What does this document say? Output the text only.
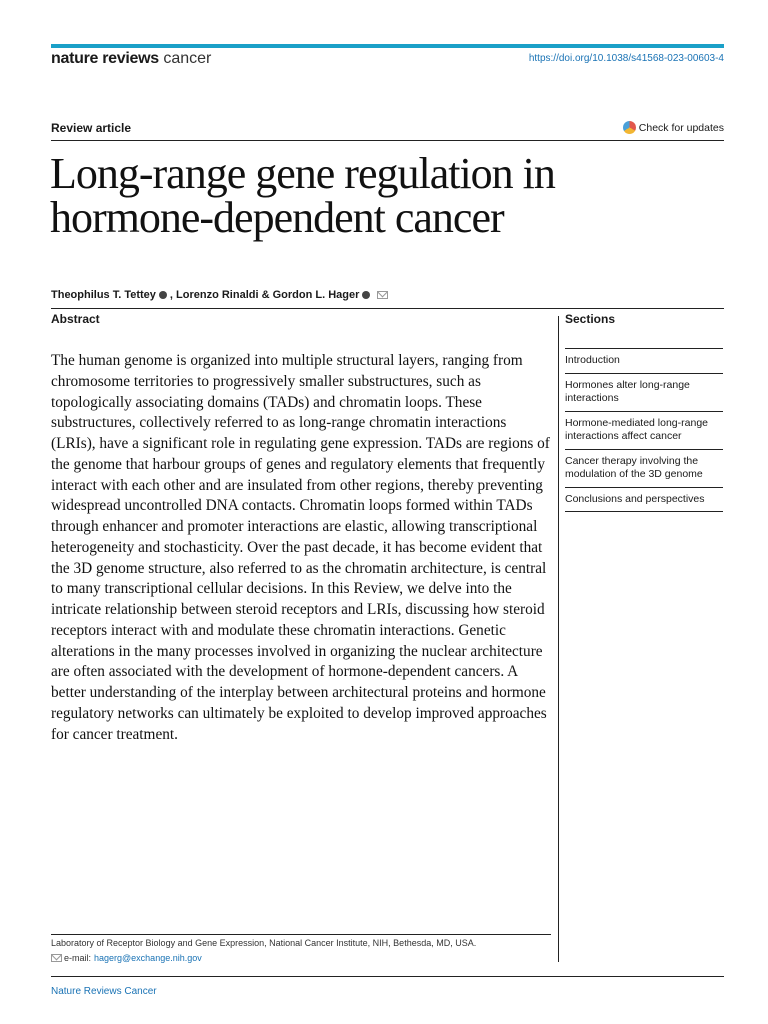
nature reviews cancer	https://doi.org/10.1038/s41568-023-00603-4
Review article	Check for updates
Long-range gene regulation in hormone-dependent cancer
Theophilus T. Tettey , Lorenzo Rinaldi & Gordon L. Hager
Abstract

The human genome is organized into multiple structural layers, ranging from chromosome territories to progressively smaller substructures, such as topologically associating domains (TADs) and chromatin loops. These substructures, collectively referred to as long-range chromatin interactions (LRIs), have a significant role in regulating gene expression. TADs are regions of the genome that harbour groups of genes and regulatory elements that frequently interact with each other and are insulated from other regions, thereby preventing widespread uncontrolled DNA contacts. Chromatin loops formed within TADs through enhancer and promoter interactions are elastic, allowing transcriptional heterogeneity and stochasticity. Over the past decade, it has become evident that the 3D genome structure, also referred to as the chromatin architecture, is central to many transcriptional cellular decisions. In this Review, we delve into the intricate relationship between steroid receptors and LRIs, discussing how steroid receptors interact with and modulate these chromatin interactions. Genetic alterations in the many processes involved in organizing the nuclear architecture are often associated with the development of hormone-dependent cancers. A better understanding of the interplay between architectural proteins and hormone regulatory networks can ultimately be exploited to develop improved approaches for cancer treatment.

Sections
Introduction
Hormones alter long-range interactions
Hormone-mediated long-range interactions affect cancer
Cancer therapy involving the modulation of the 3D genome
Conclusions and perspectives
Laboratory of Receptor Biology and Gene Expression, National Cancer Institute, NIH, Bethesda, MD, USA.
e-mail: hagerg@exchange.nih.gov
Nature Reviews Cancer
